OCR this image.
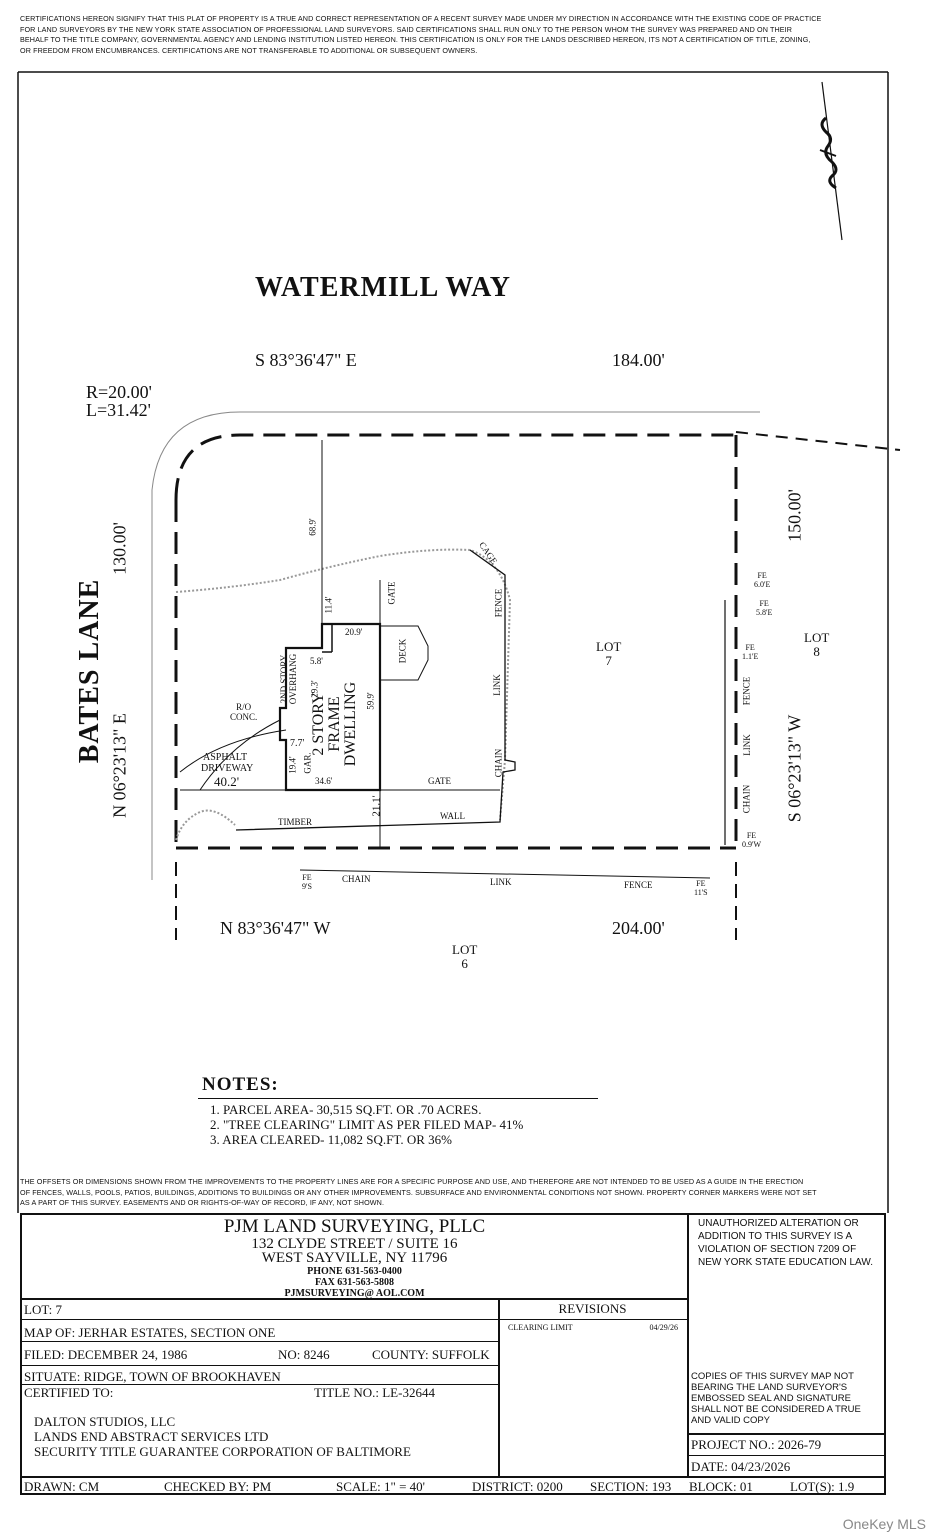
CERTIFICATIONS HEREON SIGNIFY THAT THIS PLAT OF PROPERTY IS A TRUE AND CORRECT REPRESENTATION OF A RECENT SURVEY MADE UNDER MY DIRECTION IN ACCORDANCE WITH THE EXISTING CODE OF PRACTICE
FOR LAND SURVEYORS BY THE NEW YORK STATE ASSOCIATION OF PROFESSIONAL LAND SURVEYORS. SAID CERTIFICATIONS SHALL RUN ONLY TO THE PERSON WHOM THE SURVEY WAS PREPARED AND ON THEIR
BEHALF TO THE TITLE COMPANY, GOVERNMENTAL AGENCY AND LENDING INSTITUTION LISTED HEREON. THIS CERTIFICATION IS ONLY FOR THE LANDS DESCRIBED HEREON, ITS NOT A CERTIFICATION OF TITLE, ZONING,
OR FREEDOM FROM ENCUMBRANCES. CERTIFICATIONS ARE NOT TRANSFERABLE TO ADDITIONAL OR SUBSEQUENT OWNERS.
WATERMILL WAY
BATES LANE
R=20.00'
L=31.42'
S 83°36'47" E	184.00'
N 83°36'47" W	204.00'
N 06°23'13" E
130.00'
S 06°23'13" W
150.00'
LOT
7
LOT
8
LOT
6
2 STORY FRAME DWELLING
2ND STORY OVERHANG
DECK
GAR.
CAGE
ASPHALT
DRIVEWAY
R/O
CONC.
GATE
GATE
TIMBER
WALL
CHAIN
LINK
FENCE
FENCE
LINK
CHAIN
CHAIN	LINK	FENCE
68.9'
11.4'
20.9'
5.8'
29.3'
59.9'
7.7'
19.4'
34.6'
40.2'
21.1'
FE
6.0'E
FE
5.8'E
FE
1.1'E
FE
0.9'W
FE
9'S	FE
11'S
NOTES:
1. PARCEL AREA- 30,515 SQ.FT. OR .70 ACRES.
2. "TREE CLEARING" LIMIT AS PER FILED MAP- 41%
3. AREA CLEARED- 11,082 SQ.FT. OR 36%
THE OFFSETS OR DIMENSIONS SHOWN FROM THE IMPROVEMENTS TO THE PROPERTY LINES ARE FOR A SPECIFIC PURPOSE AND USE, AND THEREFORE ARE NOT INTENDED TO BE USED AS A GUIDE IN THE ERECTION
OF FENCES, WALLS, POOLS, PATIOS, BUILDINGS, ADDITIONS TO BUILDINGS OR ANY OTHER IMPROVEMENTS. SUBSURFACE AND ENVIRONMENTAL CONDITIONS NOT SHOWN. PROPERTY CORNER MARKERS WERE NOT SET
AS A PART OF THIS SURVEY. EASEMENTS AND OR RIGHTS-OF-WAY OF RECORD, IF ANY, NOT SHOWN.
PJM LAND SURVEYING, PLLC
132 CLYDE STREET / SUITE 16
WEST SAYVILLE, NY 11796
PHONE 631-563-0400
FAX 631-563-5808
PJMSURVEYING@ AOL.COM
UNAUTHORIZED ALTERATION OR
ADDITION TO THIS SURVEY IS A
VIOLATION OF SECTION 7209 OF
NEW YORK STATE EDUCATION LAW.
LOT: 7
MAP OF: JERHAR ESTATES, SECTION ONE
FILED: DECEMBER 24, 1986	NO: 8246	COUNTY: SUFFOLK
SITUATE: RIDGE, TOWN OF BROOKHAVEN
CERTIFIED TO:	TITLE NO.: LE-32644
DALTON STUDIOS, LLC
LANDS END ABSTRACT SERVICES LTD
SECURITY TITLE GUARANTEE CORPORATION OF BALTIMORE
REVISIONS
CLEARING LIMIT	04/29/26
COPIES OF THIS SURVEY MAP NOT
BEARING THE LAND SURVEYOR'S
EMBOSSED SEAL AND SIGNATURE
SHALL NOT BE CONSIDERED A TRUE
AND VALID COPY
PROJECT NO.: 2026-79
DATE: 04/23/2026
DRAWN: CM	CHECKED BY: PM	SCALE: 1" = 40'	DISTRICT: 0200 SECTION: 193 BLOCK: 01	LOT(S): 1.9
OneKey MLS
